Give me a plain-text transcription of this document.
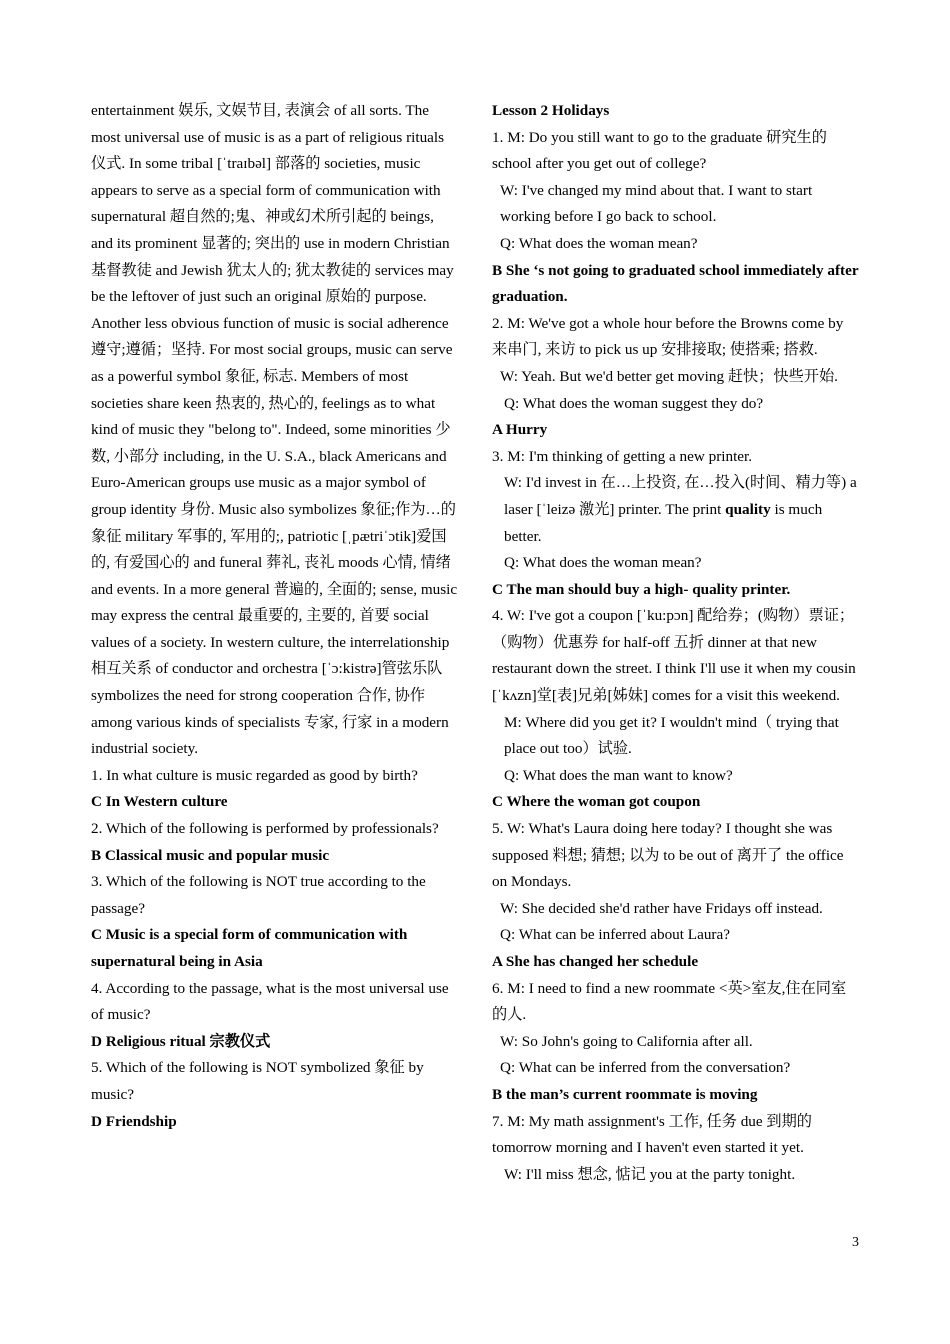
entertainment 娱乐, 文娱节目, 表演会 of all sorts. The most universal use of music is as a part of religious rituals 仪式. In some tribal [ˈtraɪbəl] 部落的 societies, music appears to serve as a special form of communication with supernatural 超自然的;鬼、神或幻术所引起的 beings, and its prominent 显著的; 突出的 use in modern Christian 基督教徒 and Jewish 犹太人的; 犹太教徒的 services may be the leftover of just such an original 原始的 purpose. Another less obvious function of music is social adherence 遵守;遵循；坚持. For most social groups, music can serve as a powerful symbol 象征, 标志. Members of most societies share keen 热衷的, 热心的, feelings as to what kind of music they "belong to". Indeed, some minorities 少数, 小部分 including, in the U. S.A., black Americans and Euro-American groups use music as a major symbol of group identity 身份. Music also symbolizes 象征;作为…的象征 military 军事的, 军用的;, patriotic [ˌpætriˈɔtik]爱国的, 有爱国心的 and funeral 葬礼, 丧礼 moods 心情, 情绪 and events. In a more general 普遍的, 全面的; sense, music may express the central 最重要的, 主要的, 首要 social values of a society. In western culture, the interrelationship 相互关系 of conductor and orchestra [ˈɔ:kistrə]管弦乐队 symbolizes the need for strong cooperation 合作, 协作 among various kinds of specialists 专家, 行家 in a modern industrial society.

1. In what culture is music regarded as good by birth?

C In Western culture

2. Which of the following is performed by professionals?

B Classical music and popular music

3. Which of the following is NOT true according to the passage?

C Music is a special form of communication with supernatural being in Asia

4. According to the passage, what is the most universal use of music?

D Religious ritual 宗教仪式

5. Which of the following is NOT symbolized 象征 by music?

D Friendship

Lesson 2 Holidays

1. M: Do you still want to go to the graduate 研究生的 school after you get out of college?

W: I've changed my mind about that. I want to start working before I go back to school.

Q: What does the woman mean?

B She ‘s not going to graduated school immediately after graduation.

2. M: We've got a whole hour before the Browns come by 来串门, 来访 to pick us up 安排接取; 使搭乘; 搭救.

W: Yeah. But we'd better get moving 赶快；快些开始.

Q: What does the woman suggest they do?

A Hurry

3. M: I'm thinking of getting a new printer.

W: I'd invest in 在…上投资, 在…投入(时间、精力等) a laser [ˈleizə 激光] printer. The print quality is much better.

Q: What does the woman mean?

C The man should buy a high- quality printer.

4. W: I've got a coupon [ˈku:pɔn] 配给券；(购物）票证；（购物）优惠券 for half-off 五折 dinner at that new restaurant down the street. I think I'll use it when my cousin [ˈkʌzn]堂[表]兄弟[姊妹] comes for a visit this weekend.

M: Where did you get it? I wouldn't mind（ trying that place out too）试验.

Q: What does the man want to know?

C Where the woman got coupon

5. W: What's Laura doing here today? I thought she was supposed 料想; 猜想; 以为 to be out of 离开了 the office on Mondays.

W: She decided she'd rather have Fridays off instead.

Q: What can be inferred about Laura?

A She has changed her schedule

6. M: I need to find a new roommate <英>室友,住在同室的人.

W: So John's going to California after all.

Q: What can be inferred from the conversation?

B the man’s current roommate is moving

7. M: My math assignment's 工作, 任务 due 到期的 tomorrow morning and I haven't even started it yet.

W: I'll miss 想念, 惦记 you at the party tonight.

3
